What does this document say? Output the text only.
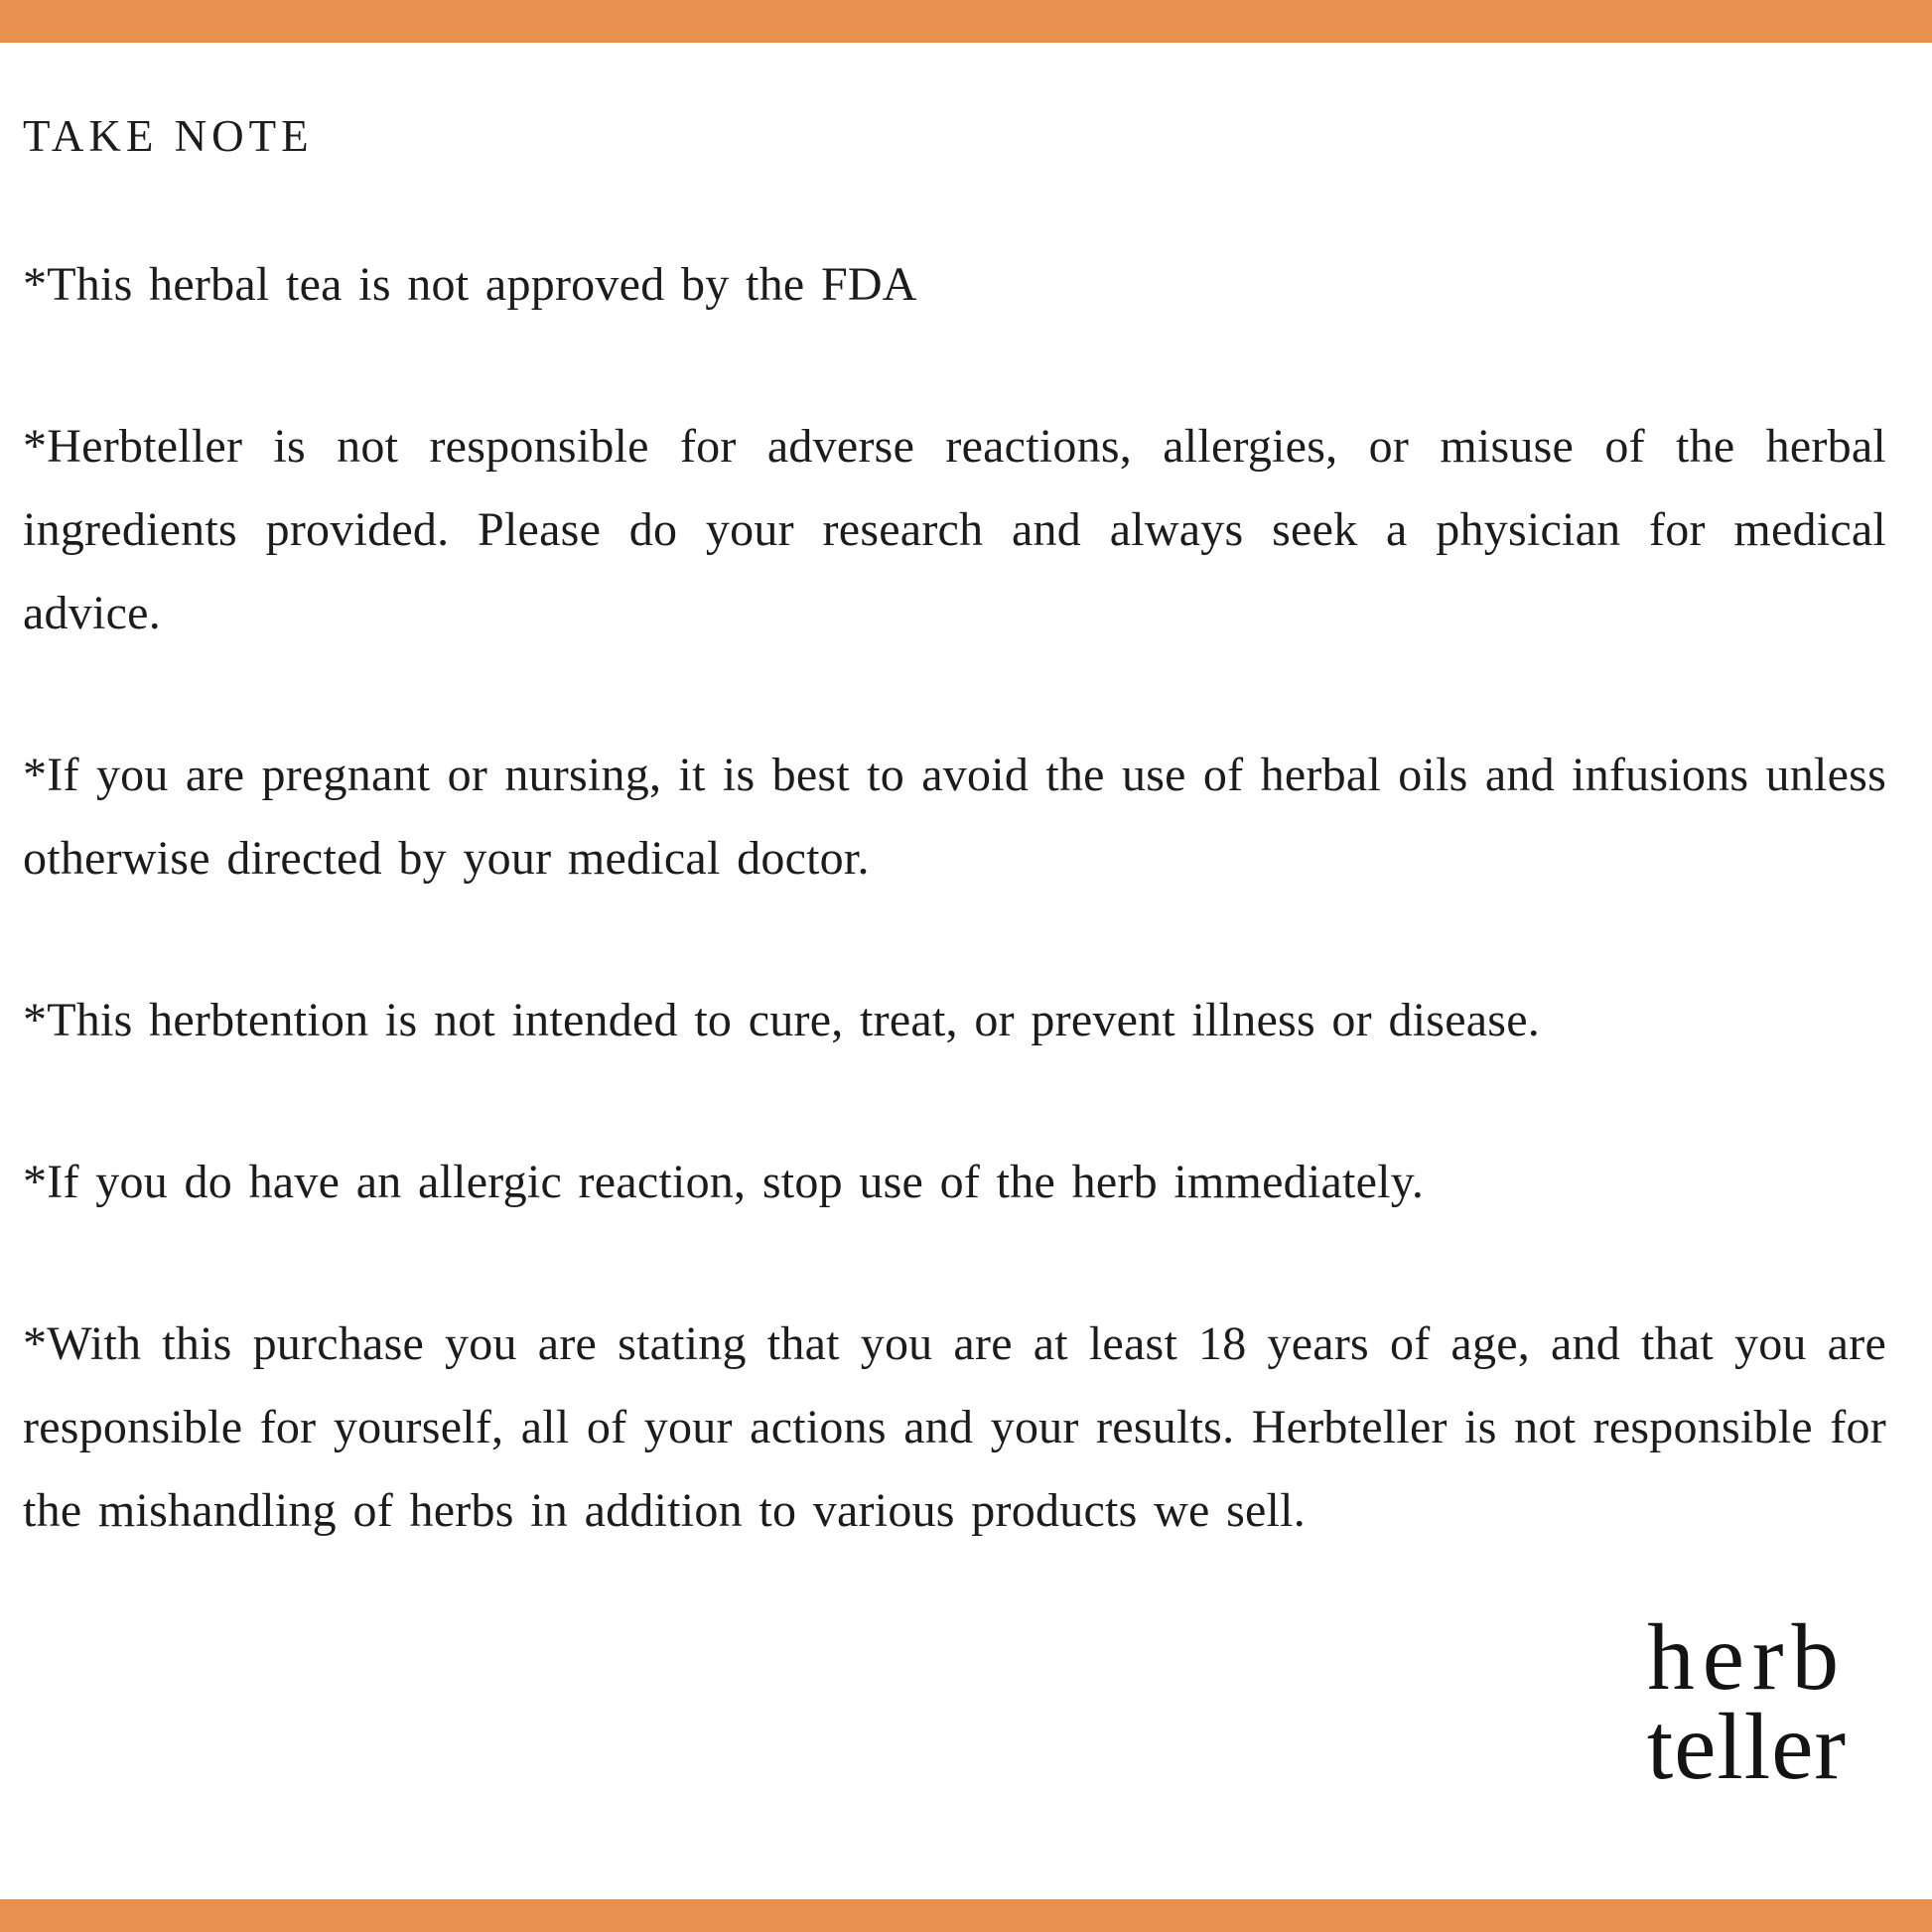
TAKE NOTE

*This herbal tea is not approved by the FDA

*Herbteller is not responsible for adverse reactions, allergies, or misuse of the herbal ingredients provided. Please do your research and always seek a physician for medical advice.

*If you are pregnant or nursing, it is best to avoid the use of herbal oils and infusions unless otherwise directed by your medical doctor.

*This herbtention is not intended to cure, treat, or prevent illness or disease.

*If you do have an allergic reaction, stop use of the herb immediately.

*With this purchase you are stating that you are at least 18 years of age, and that you are responsible for yourself, all of your actions and your results. Herbteller is not responsible for the mishandling of herbs in addition to various products we sell.

herb
teller
